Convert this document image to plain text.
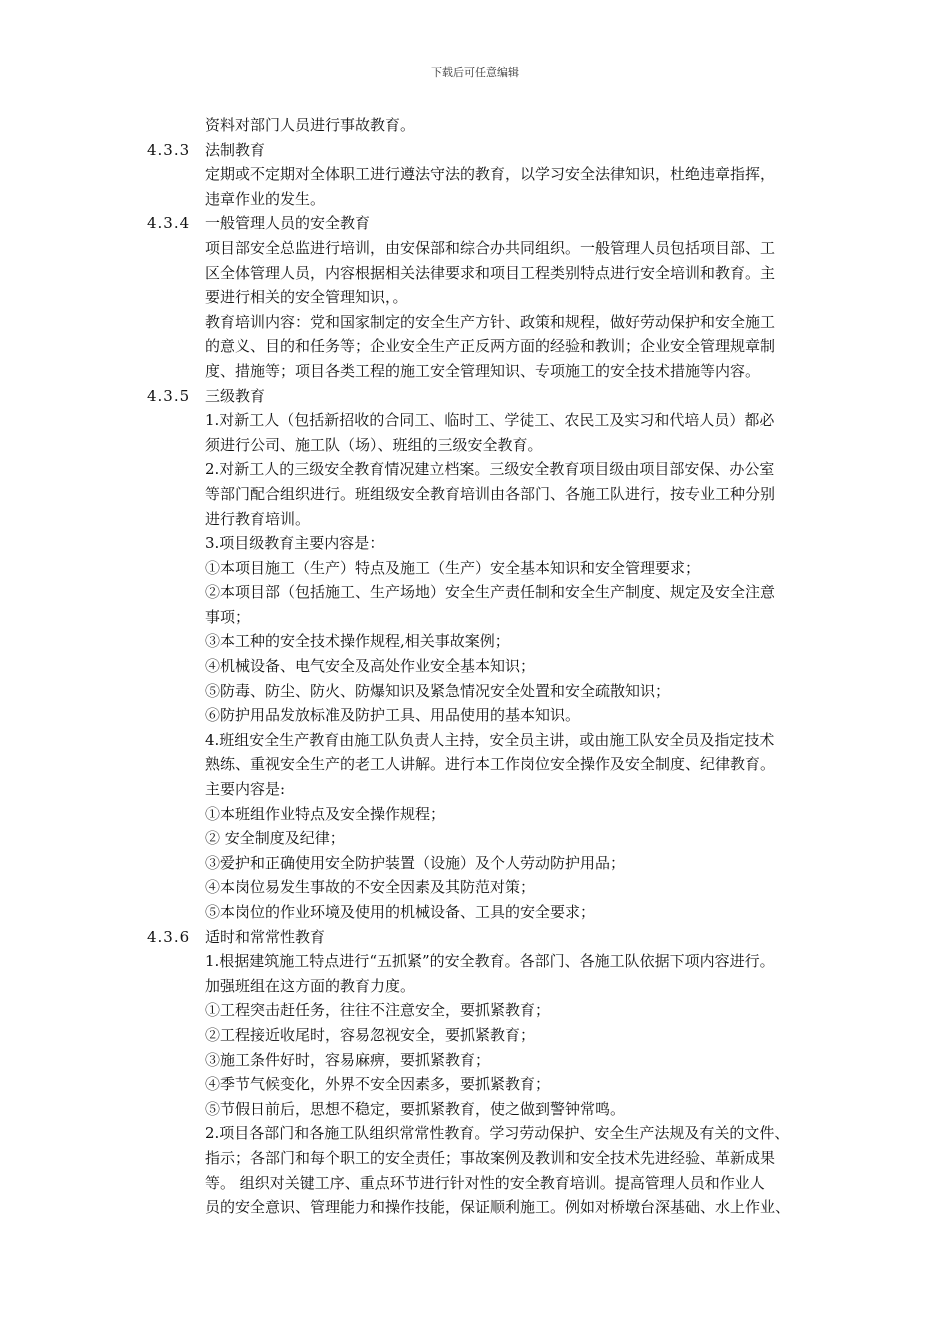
下载后可任意编辑
资料对部门人员进行事故教育。
4.3.3 法制教育
定期或不定期对全体职工进行遵法守法的教育，以学习安全法律知识，杜绝违章指挥，
违章作业的发生。
4.3.4 一般管理人员的安全教育
项目部安全总监进行培训，由安保部和综合办共同组织。一般管理人员包括项目部、工
区全体管理人员，内容根据相关法律要求和项目工程类别特点进行安全培训和教育。主
要进行相关的安全管理知识，。
教育培训内容：党和国家制定的安全生产方针、政策和规程，做好劳动保护和安全施工
的意义、目的和任务等；企业安全生产正反两方面的经验和教训；企业安全管理规章制
度、措施等；项目各类工程的施工安全管理知识、专项施工的安全技术措施等内容。
4.3.5 三级教育
1.对新工人（包括新招收的合同工、临时工、学徒工、农民工及实习和代培人员）都必
须进行公司、施工队（场）、班组的三级安全教育。
2.对新工人的三级安全教育情况建立档案。三级安全教育项目级由项目部安保、办公室
等部门配合组织进行。班组级安全教育培训由各部门、各施工队进行，按专业工种分别
进行教育培训。
3.项目级教育主要内容是：
①本项目施工（生产）特点及施工（生产）安全基本知识和安全管理要求；
②本项目部（包括施工、生产场地）安全生产责任制和安全生产制度、规定及安全注意
事项；
③本工种的安全技术操作规程,相关事故案例；
④机械设备、电气安全及高处作业安全基本知识；
⑤防毒、防尘、防火、防爆知识及紧急情况安全处置和安全疏散知识；
⑥防护用品发放标准及防护工具、用品使用的基本知识。
4.班组安全生产教育由施工队负责人主持，安全员主讲，或由施工队安全员及指定技术
熟练、重视安全生产的老工人讲解。进行本工作岗位安全操作及安全制度、纪律教育。
主要内容是:
①本班组作业特点及安全操作规程；
② 安全制度及纪律；
③爱护和正确使用安全防护装置（设施）及个人劳动防护用品；
④本岗位易发生事故的不安全因素及其防范对策；
⑤本岗位的作业环境及使用的机械设备、工具的安全要求；
4.3.6 适时和常常性教育
1.根据建筑施工特点进行“五抓紧”的安全教育。各部门、各施工队依据下项内容进行。
加强班组在这方面的教育力度。
①工程突击赶任务，往往不注意安全，要抓紧教育；
②工程接近收尾时，容易忽视安全，要抓紧教育；
③施工条件好时，容易麻痹，要抓紧教育；
④季节气候变化，外界不安全因素多，要抓紧教育；
⑤节假日前后，思想不稳定，要抓紧教育，使之做到警钟常鸣。
2.项目各部门和各施工队组织常常性教育。学习劳动保护、安全生产法规及有关的文件、
指示；各部门和每个职工的安全责任；事故案例及教训和安全技术先进经验、革新成果
等。 组织对关键工序、重点环节进行针对性的安全教育培训。提高管理人员和作业人
员的安全意识、管理能力和操作技能，保证顺利施工。例如对桥墩台深基础、水上作业、
